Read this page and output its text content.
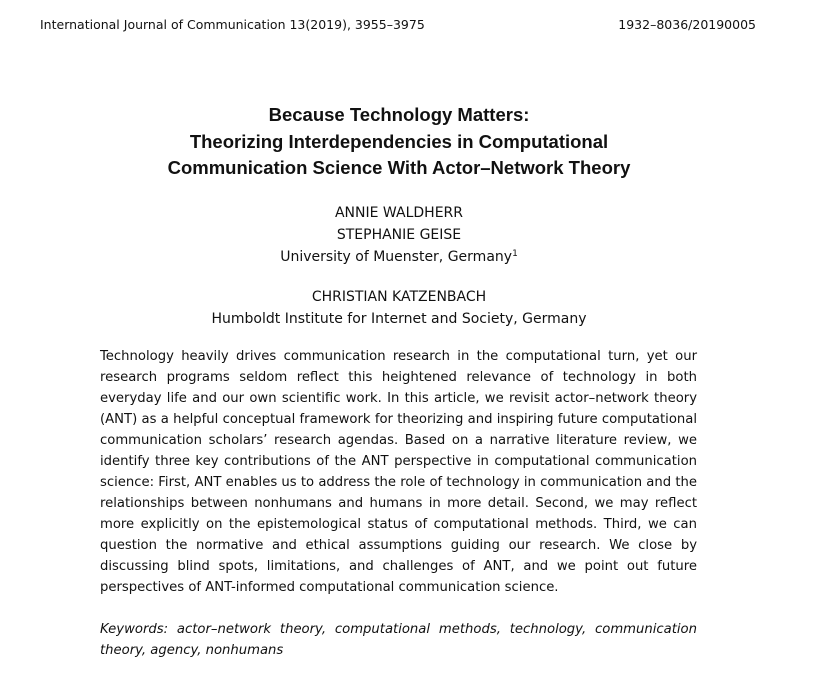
International Journal of Communication 13(2019), 3955–3975	1932–8036/20190005
Because Technology Matters:
Theorizing Interdependencies in Computational
Communication Science With Actor–Network Theory
ANNIE WALDHERR
STEPHANIE GEISE
University of Muenster, Germany$^1$
CHRISTIAN KATZENBACH
Humboldt Institute for Internet and Society, Germany

Technology heavily drives communication research in the computational turn, yet our research programs seldom reflect this heightened relevance of technology in both everyday life and our own scientific work. In this article, we revisit actor–network theory (ANT) as a helpful conceptual framework for theorizing and inspiring future computational communication scholars’ research agendas. Based on a narrative literature review, we identify three key contributions of the ANT perspective in computational communication science: First, ANT enables us to address the role of technology in communication and the relationships between nonhumans and humans in more detail. Second, we may reflect more explicitly on the epistemological status of computational methods. Third, we can question the normative and ethical assumptions guiding our research. We close by discussing blind spots, limitations, and challenges of ANT, and we point out future perspectives of ANT-informed computational communication science.

Keywords: actor–network theory, computational methods, technology, communication theory, agency, nonhumans
